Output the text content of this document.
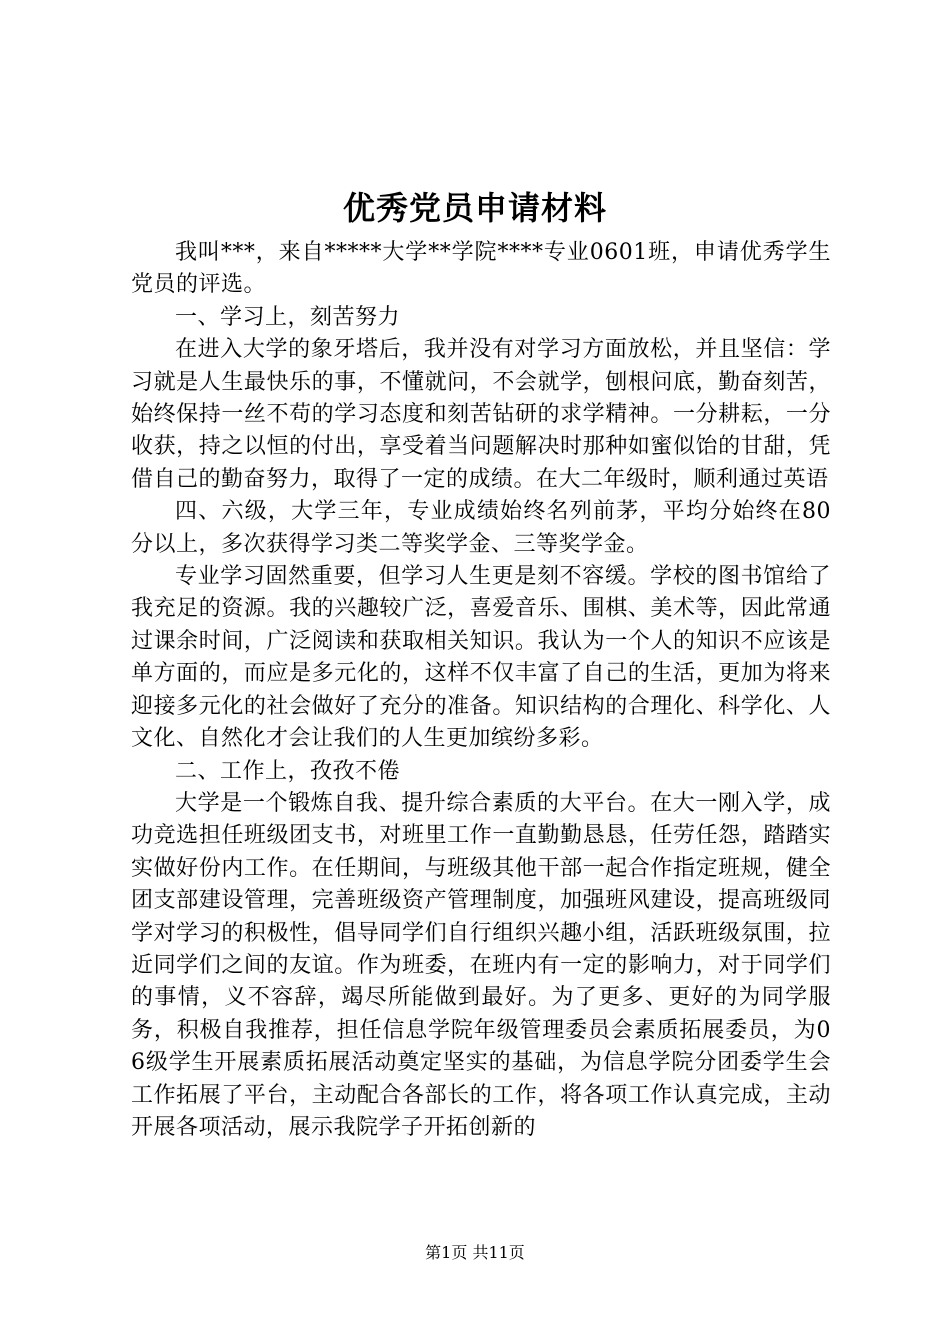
优秀党员申请材料

我叫***，来自*****大学**学院****专业0601班，申请优秀学生党员的评选。

一、学习上，刻苦努力

在进入大学的象牙塔后，我并没有对学习方面放松，并且坚信：学习就是人生最快乐的事，不懂就问，不会就学，刨根问底，勤奋刻苦，始终保持一丝不苟的学习态度和刻苦钻研的求学精神。一分耕耘，一分收获，持之以恒的付出，享受着当问题解决时那种如蜜似饴的甘甜，凭借自己的勤奋努力，取得了一定的成绩。在大二年级时，顺利通过英语

四、六级，大学三年，专业成绩始终名列前茅，平均分始终在80分以上，多次获得学习类二等奖学金、三等奖学金。

专业学习固然重要，但学习人生更是刻不容缓。学校的图书馆给了我充足的资源。我的兴趣较广泛，喜爱音乐、围棋、美术等，因此常通过课余时间，广泛阅读和获取相关知识。我认为一个人的知识不应该是单方面的，而应是多元化的，这样不仅丰富了自己的生活，更加为将来迎接多元化的社会做好了充分的准备。知识结构的合理化、科学化、人文化、自然化才会让我们的人生更加缤纷多彩。

二、工作上，孜孜不倦

大学是一个锻炼自我、提升综合素质的大平台。在大一刚入学，成功竞选担任班级团支书，对班里工作一直勤勤恳恳，任劳任怨，踏踏实实做好份内工作。在任期间，与班级其他干部一起合作指定班规，健全团支部建设管理，完善班级资产管理制度，加强班风建设，提高班级同学对学习的积极性，倡导同学们自行组织兴趣小组，活跃班级氛围，拉近同学们之间的友谊。作为班委，在班内有一定的影响力，对于同学们的事情，义不容辞，竭尽所能做到最好。为了更多、更好的为同学服务，积极自我推荐，担任信息学院年级管理委员会素质拓展委员，为06级学生开展素质拓展活动奠定坚实的基础，为信息学院分团委学生会工作拓展了平台，主动配合各部长的工作，将各项工作认真完成，主动开展各项活动，展示我院学子开拓创新的

第1页 共11页
